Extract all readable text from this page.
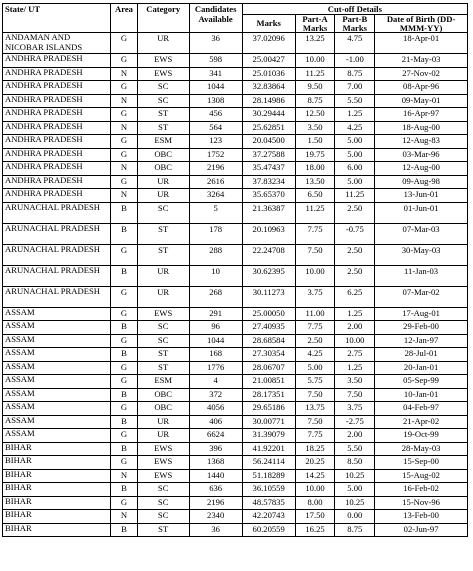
State/ UT	Area	Category	Candidates Available	Cut-off Details			
				Marks	Part-A Marks	Part-B Marks	Date of Birth (DD-MMM-YY)
ANDAMAN AND NICOBAR ISLANDS	G	UR	36	37.02096	13.25	4.75	18-Apr-01
ANDHRA PRADESH	G	EWS	598	25.00427	10.00	-1.00	21-May-03
ANDHRA PRADESH	N	EWS	341	25.01036	11.25	8.75	27-Nov-02
ANDHRA PRADESH	G	SC	1044	32.83864	9.50	7.00	08-Apr-96
ANDHRA PRADESH	N	SC	1308	28.14986	8.75	5.50	09-May-01
ANDHRA PRADESH	G	ST	456	30.29444	12.50	1.25	16-Apr-97
ANDHRA PRADESH	N	ST	564	25.62851	3.50	4.25	18-Aug-00
ANDHRA PRADESH	G	ESM	123	20.04500	1.50	5.00	12-Aug-83
ANDHRA PRADESH	G	OBC	1752	37.27588	19.75	5.00	03-Mar-96
ANDHRA PRADESH	N	OBC	2196	35.47437	18.00	6.00	12-Aug-00
ANDHRA PRADESH	G	UR	2616	37.83234	13.50	5.00	09-Aug-98
ANDHRA PRADESH	N	UR	3264	35.65370	6.50	11.25	13-Jun-01
ARUNACHAL PRADESH	B	SC	5	21.36387	11.25	2.50	01-Jun-01
ARUNACHAL PRADESH	B	ST	178	20.10963	7.75	-0.75	07-Mar-03
ARUNACHAL PRADESH	G	ST	288	22.24708	7.50	2.50	30-May-03
ARUNACHAL PRADESH	B	UR	10	30.62395	10.00	2.50	11-Jan-03
ARUNACHAL PRADESH	G	UR	268	30.11273	3.75	6.25	07-Mar-02
ASSAM	G	EWS	291	25.00050	11.00	1.25	17-Aug-01
ASSAM	B	SC	96	27.40935	7.75	2.00	29-Feb-00
ASSAM	G	SC	1044	28.68584	2.50	10.00	12-Jan-97
ASSAM	B	ST	168	27.30354	4.25	2.75	28-Jul-01
ASSAM	G	ST	1776	28.06707	5.00	1.25	20-Jan-01
ASSAM	G	ESM	4	21.00851	5.75	3.50	05-Sep-99
ASSAM	B	OBC	372	28.17351	7.50	7.50	10-Jan-01
ASSAM	G	OBC	4056	29.65186	13.75	3.75	04-Feb-97
ASSAM	B	UR	406	30.00771	7.50	-2.75	21-Apr-02
ASSAM	G	UR	6624	31.39079	7.75	2.00	19-Oct-99
BIHAR	B	EWS	396	41.92201	18.25	5.50	28-May-03
BIHAR	G	EWS	1368	56.24114	20.25	8.50	15-Sep-00
BIHAR	N	EWS	1440	51.18289	14.25	10.25	15-Aug-02
BIHAR	B	SC	636	36.10559	10.00	5.00	16-Feb-02
BIHAR	G	SC	2196	48.57835	8.00	10.25	15-Nov-96
BIHAR	N	SC	2340	42.20743	17.50	0.00	13-Feb-00
BIHAR	B	ST	36	60.20559	16.25	8.75	02-Jun-97
